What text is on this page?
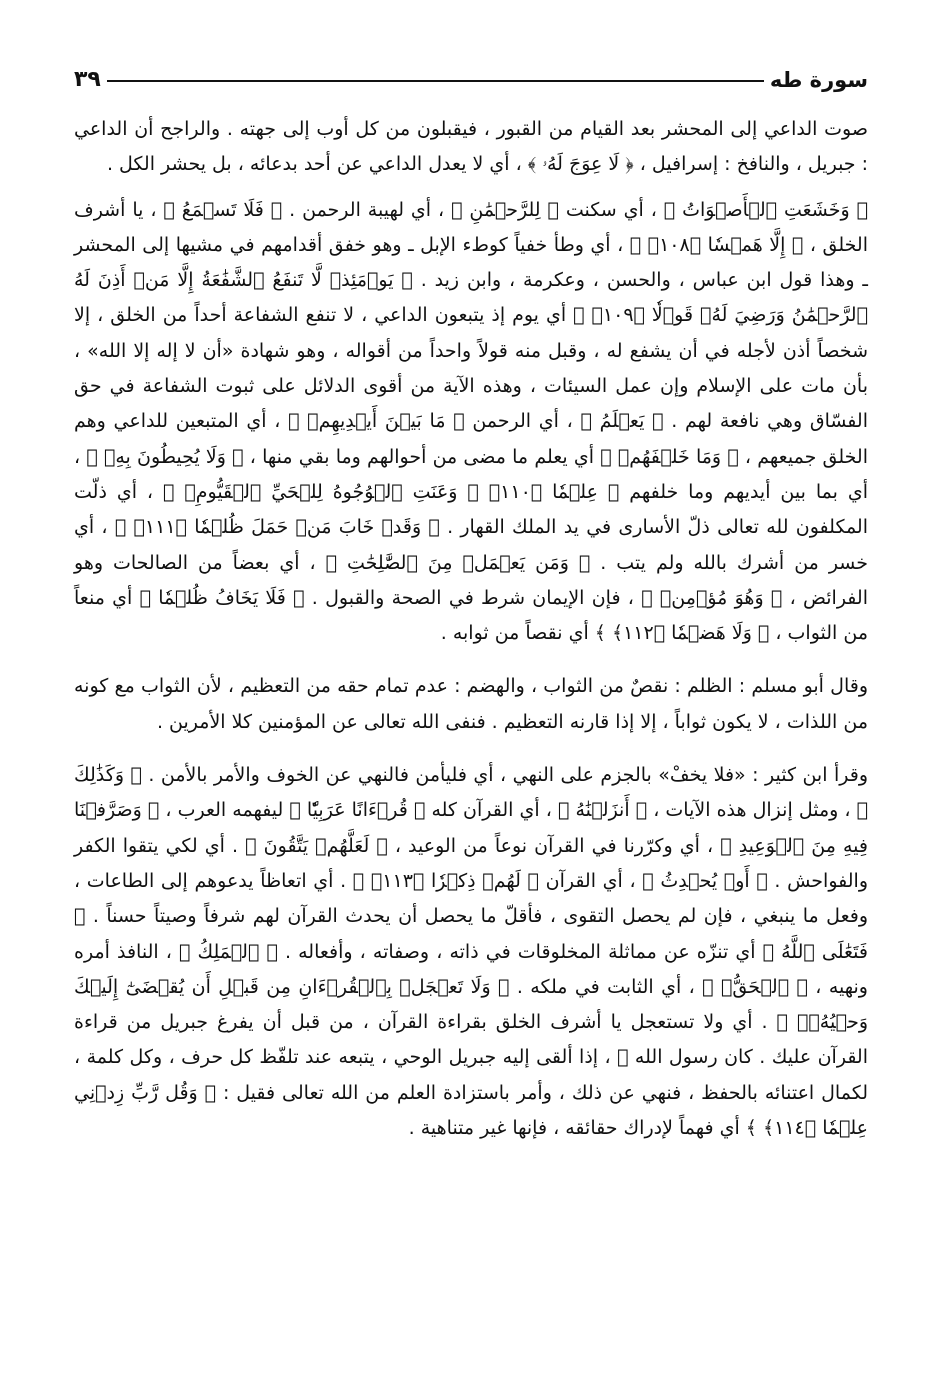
سورة طه
٣٩

صوت الداعي إلى المحشر بعد القيام من القبور ، فيقبلون من كل أوب إلى جهته . والراجح أن الداعي : جبريل ، والنافخ : إسرافيل ، ﴿ لَا عِوَجَ لَهُۥ ﴾ ، أي لا يعدل الداعي عن أحد بدعائه ، بل يحشر الكل .

﴿ وَخَشَعَتِ ٱلۡأَصۡوَاتُ ﴾ ، أي سكنت ﴿ لِلرَّحۡمَٰنِ ﴾ ، أي لهيبة الرحمن . ﴿ فَلَا تَسۡمَعُ ﴾ ، يا أشرف الخلق ، ﴿ إِلَّا هَمۡسٗا ﴿١٠٨﴾ ﴾ ، أي وطأ خفياً كوطء الإبل ـ وهو خفق أقدامهم في مشيها إلى المحشر ـ وهذا قول ابن عباس ، والحسن ، وعكرمة ، وابن زيد . ﴿ يَوۡمَئِذٖ لَّا تَنفَعُ ٱلشَّفَٰعَةُ إِلَّا مَنۡ أَذِنَ لَهُ ٱلرَّحۡمَٰنُ وَرَضِيَ لَهُۥ قَوۡلٗا ﴿١٠٩﴾ ﴾ أي يوم إذ يتبعون الداعي ، لا تنفع الشفاعة أحداً من الخلق ، إلا شخصاً أذن لأجله في أن يشفع له ، وقبل منه قولاً واحداً من أقواله ، وهو شهادة «أن لا إله إلا الله» ، بأن مات على الإسلام وإن عمل السيئات ، وهذه الآية من أقوى الدلائل على ثبوت الشفاعة في حق الفسّاق وهي نافعة لهم . ﴿ يَعۡلَمُ ﴾ ، أي الرحمن ﴿ مَا بَيۡنَ أَيۡدِيهِمۡ ﴾ ، أي المتبعين للداعي وهم الخلق جميعهم ، ﴿ وَمَا خَلۡفَهُمۡ ﴾ أي يعلم ما مضى من أحوالهم وما بقي منها ، ﴿ وَلَا يُحِيطُونَ بِهِۦ ﴾ ، أي بما بين أيديهم وما خلفهم ﴿ عِلۡمٗا ﴿١١٠﴾ ۞ وَعَنَتِ ٱلۡوُجُوهُ لِلۡحَيِّ ٱلۡقَيُّومِۖ ﴾ ، أي ذلّت المكلفون لله تعالى ذلّ الأسارى في يد الملك القهار . ﴿ وَقَدۡ خَابَ مَنۡ حَمَلَ ظُلۡمٗا ﴿١١١﴾ ﴾ ، أي خسر من أشرك بالله ولم يتب . ﴿ وَمَن يَعۡمَلۡ مِنَ ٱلصَّٰلِحَٰتِ ﴾ ، أي بعضاً من الصالحات وهو الفرائض ، ﴿ وَهُوَ مُؤۡمِنٞ ﴾ ، فإن الإيمان شرط في الصحة والقبول . ﴿ فَلَا يَخَافُ ظُلۡمٗا ﴾ أي منعاً من الثواب ، ﴿ وَلَا هَضۡمٗا ﴿١١٢﴾ ﴾ أي نقصاً من ثوابه .

وقال أبو مسلم : الظلم : نقصٌ من الثواب ، والهضم : عدم تمام حقه من التعظيم ، لأن الثواب مع كونه من اللذات ، لا يكون ثواباً ، إلا إذا قارنه التعظيم . فنفى الله تعالى عن المؤمنين كلا الأمرين .

وقرأ ابن كثير : «فلا يخفْ» بالجزم على النهي ، أي فليأمن فالنهي عن الخوف والأمر بالأمن . ﴿ وَكَذَٰلِكَ ﴾ ، ومثل إنزال هذه الآيات ، ﴿ أَنزَلۡنَٰهُ ﴾ ، أي القرآن كله ﴿ قُرۡءَانًا عَرَبِيّٗا ﴾ ليفهمه العرب ، ﴿ وَصَرَّفۡنَا فِيهِ مِنَ ٱلۡوَعِيدِ ﴾ ، أي وكرّرنا في القرآن نوعاً من الوعيد ، ﴿ لَعَلَّهُمۡ يَتَّقُونَ ﴾ . أي لكي يتقوا الكفر والفواحش . ﴿ أَوۡ يُحۡدِثُ ﴾ ، أي القرآن ﴿ لَهُمۡ ذِكۡرٗا ﴿١١٣﴾ ﴾ . أي اتعاظاً يدعوهم إلى الطاعات ، وفعل ما ينبغي ، فإن لم يحصل التقوى ، فأقلّ ما يحصل أن يحدث القرآن لهم شرفاً وصيتاً حسناً . ﴿ فَتَعَٰلَى ٱللَّهُ ﴾ أي تنزّه عن مماثلة المخلوقات في ذاته ، وصفاته ، وأفعاله . ﴿ ٱلۡمَلِكُ ﴾ ، النافذ أمره ونهيه ، ﴿ ٱلۡحَقُّۗ ﴾ ، أي الثابت في ملكه . ﴿ وَلَا تَعۡجَلۡ بِٱلۡقُرۡءَانِ مِن قَبۡلِ أَن يُقۡضَىٰٓ إِلَيۡكَ وَحۡيُهُۥۖ ﴾ . أي ولا تستعجل يا أشرف الخلق بقراءة القرآن ، من قبل أن يفرغ جبريل من قراءة القرآن عليك . كان رسول الله ﷺ ، إذا ألقى إليه جبريل الوحي ، يتبعه عند تلفّظ كل حرف ، وكل كلمة ، لكمال اعتنائه بالحفظ ، فنهي عن ذلك ، وأمر باستزادة العلم من الله تعالى فقيل : ﴿ وَقُل رَّبِّ زِدۡنِي عِلۡمٗا ﴿١١٤﴾ ﴾ أي فهماً لإدراك حقائقه ، فإنها غير متناهية .
